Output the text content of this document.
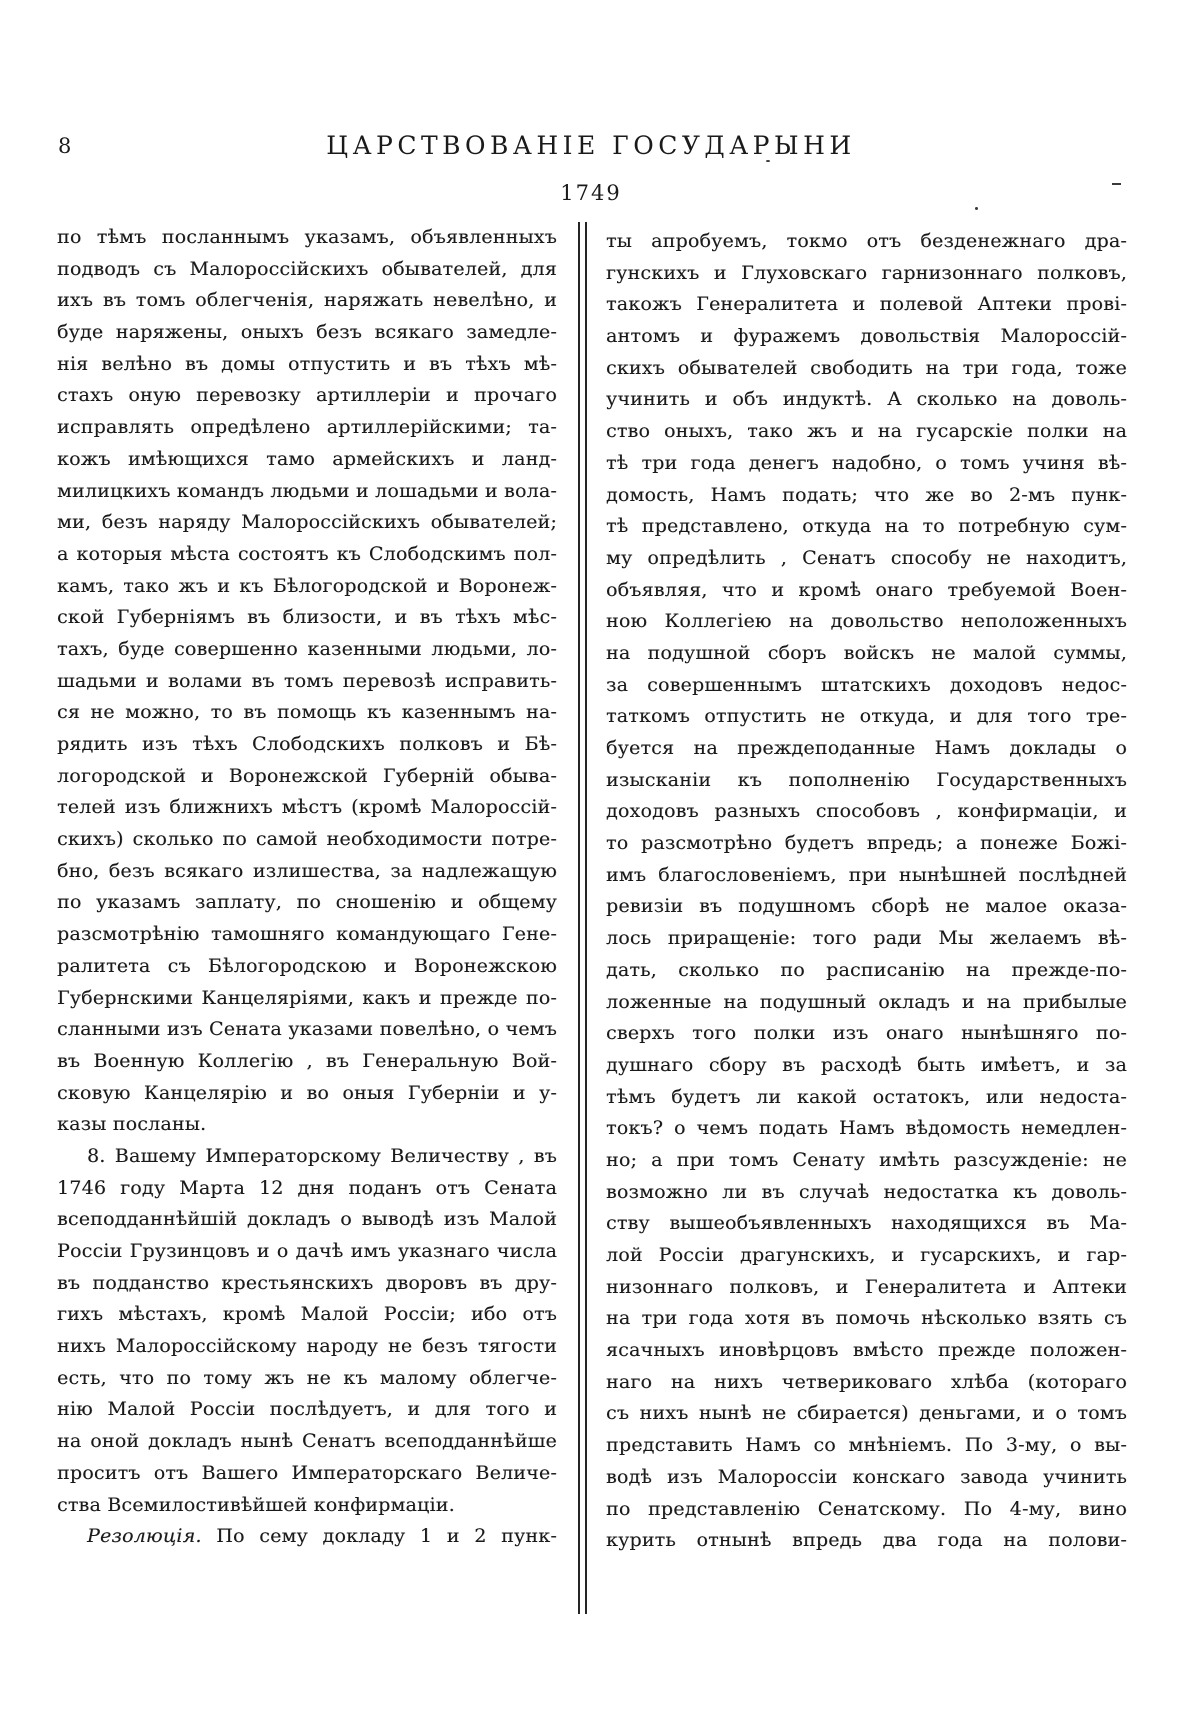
8	ЦАРСТВОВАНІЕ ГОСУДАРЫНИ
1749
по тѣмъ посланнымъ указамъ, объявленныхъ
подводъ съ Малороссійскихъ обывателей, для
ихъ въ томъ облегченія, наряжать невелѣно, и
буде наряжены, оныхъ безъ всякаго замедле-
нія велѣно въ домы отпустить и въ тѣхъ мѣ-
стахъ оную перевозку артиллеріи и прочаго
исправлять опредѣлено артиллерійскими; та-
кожъ имѣющихся тамо армейскихъ и ланд-
милицкихъ командъ людьми и лошадьми и вола-
ми, безъ наряду Малороссійскихъ обывателей;
а которыя мѣста состоятъ къ Слободскимъ пол-
камъ, тако жъ и къ Бѣлогородской и Воронеж-
ской Губерніямъ въ близости, и въ тѣхъ мѣс-
тахъ, буде совершенно казенными людьми, ло-
шадьми и волами въ томъ перевозѣ исправить-
ся не можно, то въ помощь къ казеннымъ на-
рядить изъ тѣхъ Слободскихъ полковъ и Бѣ-
логородской и Воронежской Губерній обыва-
телей изъ ближнихъ мѣстъ (кромѣ Малороссій-
скихъ) сколько по самой необходимости потре-
бно, безъ всякаго излишества, за надлежащую
по указамъ заплату, по сношенію и общему
разсмотрѣнію тамошняго командующаго Гене-
ралитета съ Бѣлогородскою и Воронежскою
Губернскими Канцеляріями, какъ и прежде по-
сланными изъ Сената указами повелѣно, о чемъ
въ Военную Коллегію , въ Генеральную Вой-
сковую Канцелярію и во оныя Губерніи и у-
казы посланы.
8. Вашему Императорскому Величеству , въ
1746 году Марта 12 дня поданъ отъ Сената
всеподданнѣйшій докладъ о выводѣ изъ Малой
Россіи Грузинцовъ и о дачѣ имъ указнаго числа
въ подданство крестьянскихъ дворовъ въ дру-
гихъ мѣстахъ, кромѣ Малой Россіи; ибо отъ
нихъ Малороссійскому народу не безъ тягости
есть, что по тому жъ не къ малому облегче-
нію Малой Россіи послѣдуетъ, и для того и
на оной докладъ нынѣ Сенатъ всеподданнѣйше
проситъ отъ Вашего Императорскаго Величе-
ства Всемилостивѣйшей конфирмаціи.
Резолюція. По сему докладу 1 и 2 пунк-
ты апробуемъ, токмо отъ безденежнаго дра-
гунскихъ и Глуховскаго гарнизоннаго полковъ,
такожъ Генералитета и полевой Аптеки прові-
антомъ и фуражемъ довольствія Малороссій-
скихъ обывателей свободить на три года, тоже
учинить и объ индуктѣ. А сколько на доволь-
ство оныхъ, тако жъ и на гусарскіе полки на
тѣ три года денегъ надобно, о томъ учиня вѣ-
домость, Намъ подать; что же во 2-мъ пунк-
тѣ представлено, откуда на то потребную сум-
му опредѣлить , Сенатъ способу не находитъ,
объявляя, что и кромѣ онаго требуемой Воен-
ною Коллегіею на довольство неположенныхъ
на подушной сборъ войскъ не малой суммы,
за совершеннымъ штатскихъ доходовъ недос-
таткомъ отпустить не откуда, и для того тре-
буется на преждеподанные Намъ доклады о
изысканіи къ пополненію Государственныхъ
доходовъ разныхъ способовъ , конфирмаціи, и
то разсмотрѣно будетъ впредь; а понеже Божі-
имъ благословеніемъ, при нынѣшней послѣдней
ревизіи въ подушномъ сборѣ не малое оказа-
лось приращеніе: того ради Мы желаемъ вѣ-
дать, сколько по расписанію на прежде-по-
ложенные на подушный окладъ и на прибылые
сверхъ того полки изъ онаго нынѣшняго по-
душнаго сбору въ расходѣ быть имѣетъ, и за
тѣмъ будетъ ли какой остатокъ, или недоста-
токъ? о чемъ подать Намъ вѣдомость немедлен-
но; а при томъ Сенату имѣть разсужденіе: не
возможно ли въ случаѣ недостатка къ доволь-
ству вышеобъявленныхъ находящихся въ Ма-
лой Россіи драгунскихъ, и гусарскихъ, и гар-
низоннаго полковъ, и Генералитета и Аптеки
на три года хотя въ помочь нѣсколько взять съ
ясачныхъ иновѣрцовъ вмѣсто прежде положен-
наго на нихъ четвериковаго хлѣба (котораго
съ нихъ нынѣ не сбирается) деньгами, и о томъ
представить Намъ со мнѣніемъ. По 3-му, о вы-
водѣ изъ Малороссіи конскаго завода учинить
по представленію Сенатскому. По 4-му, вино
курить отнынѣ впредь два года на полови-
